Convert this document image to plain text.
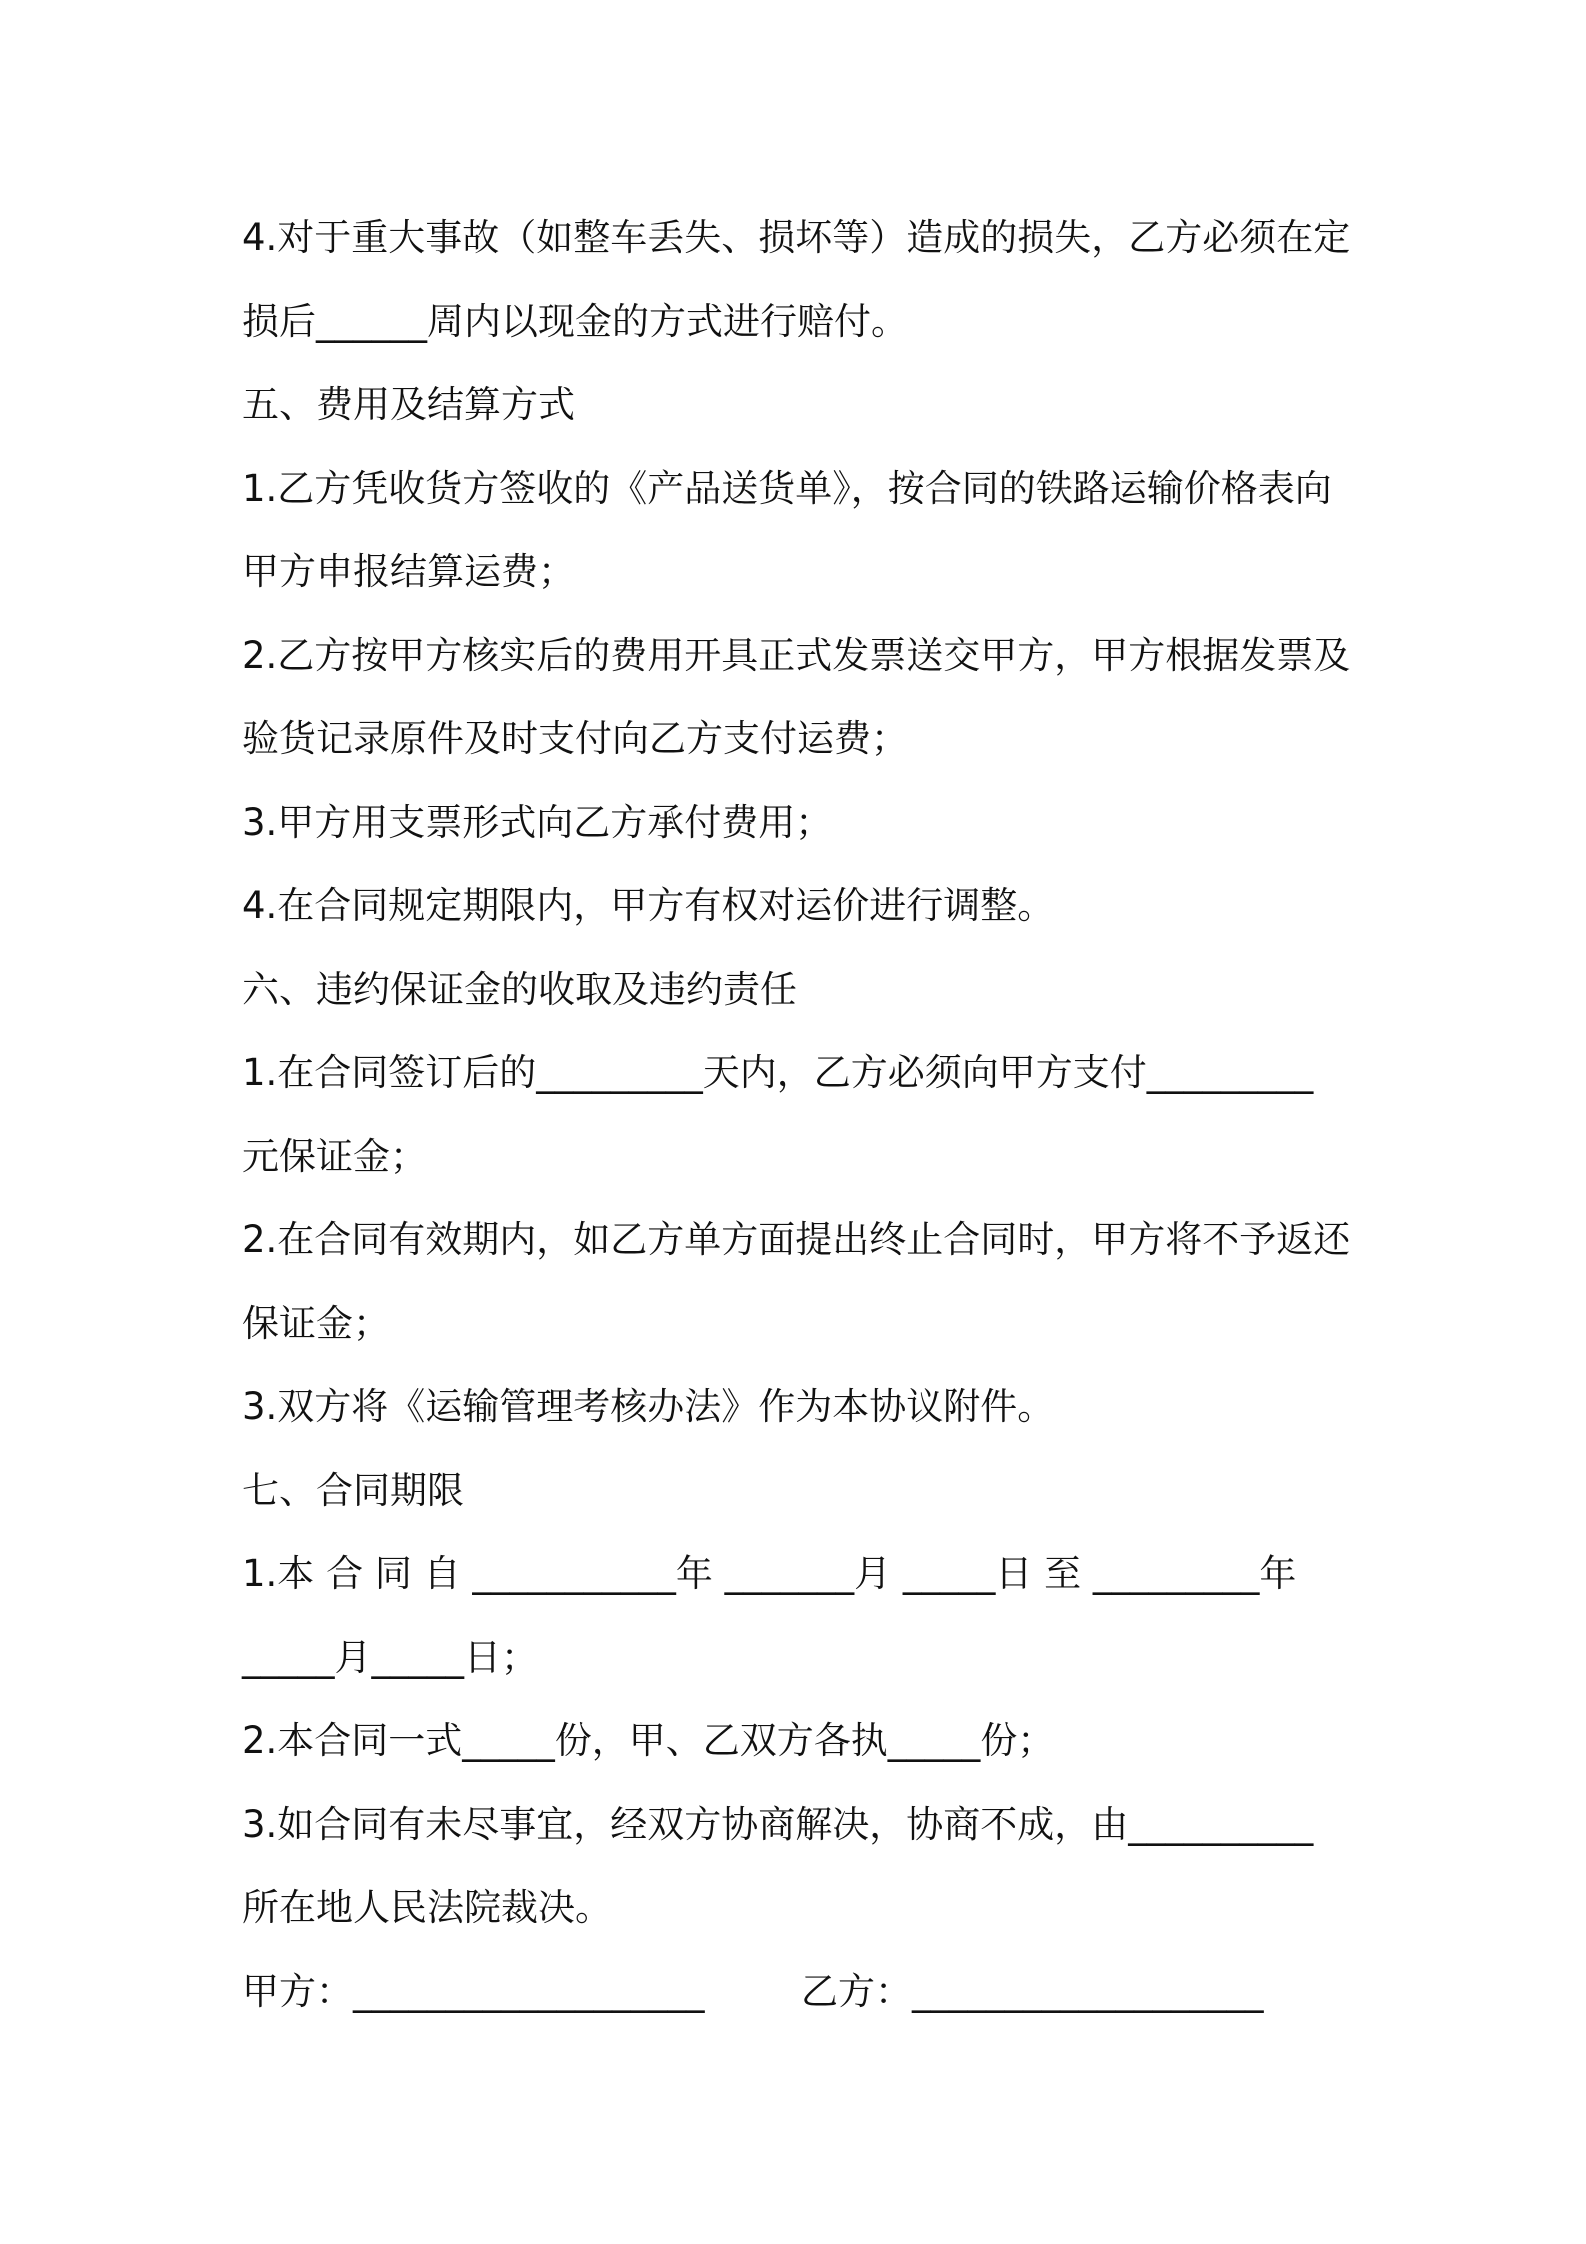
4.对于重大事故（如整车丢失、损坏等）造成的损失，乙方必须在定
损后______周内以现金的方式进行赔付。
五、费用及结算方式
1.乙方凭收货方签收的《产品送货单》，按合同的铁路运输价格表向
甲方申报结算运费；
2.乙方按甲方核实后的费用开具正式发票送交甲方，甲方根据发票及
验货记录原件及时支付向乙方支付运费；
3.甲方用支票形式向乙方承付费用；
4.在合同规定期限内，甲方有权对运价进行调整。
六、违约保证金的收取及违约责任
1.在合同签订后的_________天内，乙方必须向甲方支付_________
元保证金；
2.在合同有效期内，如乙方单方面提出终止合同时，甲方将不予返还
保证金；
3.双方将《运输管理考核办法》作为本协议附件。
七、合同期限
1.本 合 同 自 ___________年 _______月 _____日 至 _________年
_____月_____日；
2.本合同一式_____份，甲、乙双方各执_____份；
3.如合同有未尽事宜，经双方协商解决，协商不成，由__________
所在地人民法院裁决。
甲方：___________________	乙方：___________________
